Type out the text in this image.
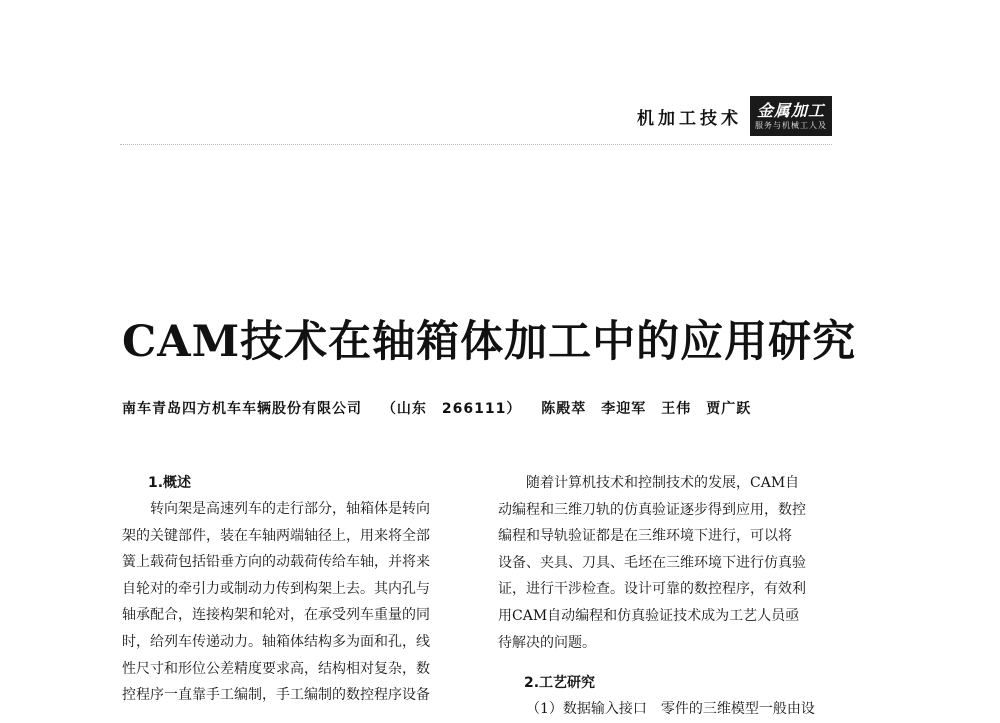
机加工技术 金属加工
服务与机械工人及
CAM技术在轴箱体加工中的应用研究
南车青岛四方机车车辆股份有限公司 （山东　266111） 陈殿萃　李迎军　王伟　贾广跃
1.概述
转向架是高速列车的走行部分，轴箱体是转向
架的关键部件，装在车轴两端轴径上，用来将全部
簧上载荷包括铅垂方向的动载荷传给车轴，并将来
自轮对的牵引力或制动力传到构架上去。其内孔与
轴承配合，连接构架和轮对，在承受列车重量的同
时，给列车传递动力。轴箱体结构多为面和孔，线
性尺寸和形位公差精度要求高，结构相对复杂，数
控程序一直靠手工编制，手工编制的数控程序设备
随着计算机技术和控制技术的发展，CAM自
动编程和三维刀轨的仿真验证逐步得到应用，数控
编程和导轨验证都是在三维环境下进行，可以将
设备、夹具、刀具、毛坯在三维环境下进行仿真验
证，进行干涉检查。设计可靠的数控程序，有效利
用CAM自动编程和仿真验证技术成为工艺人员亟
待解决的问题。
2.工艺研究
（1）数据输入接口　零件的三维模型一般由设
